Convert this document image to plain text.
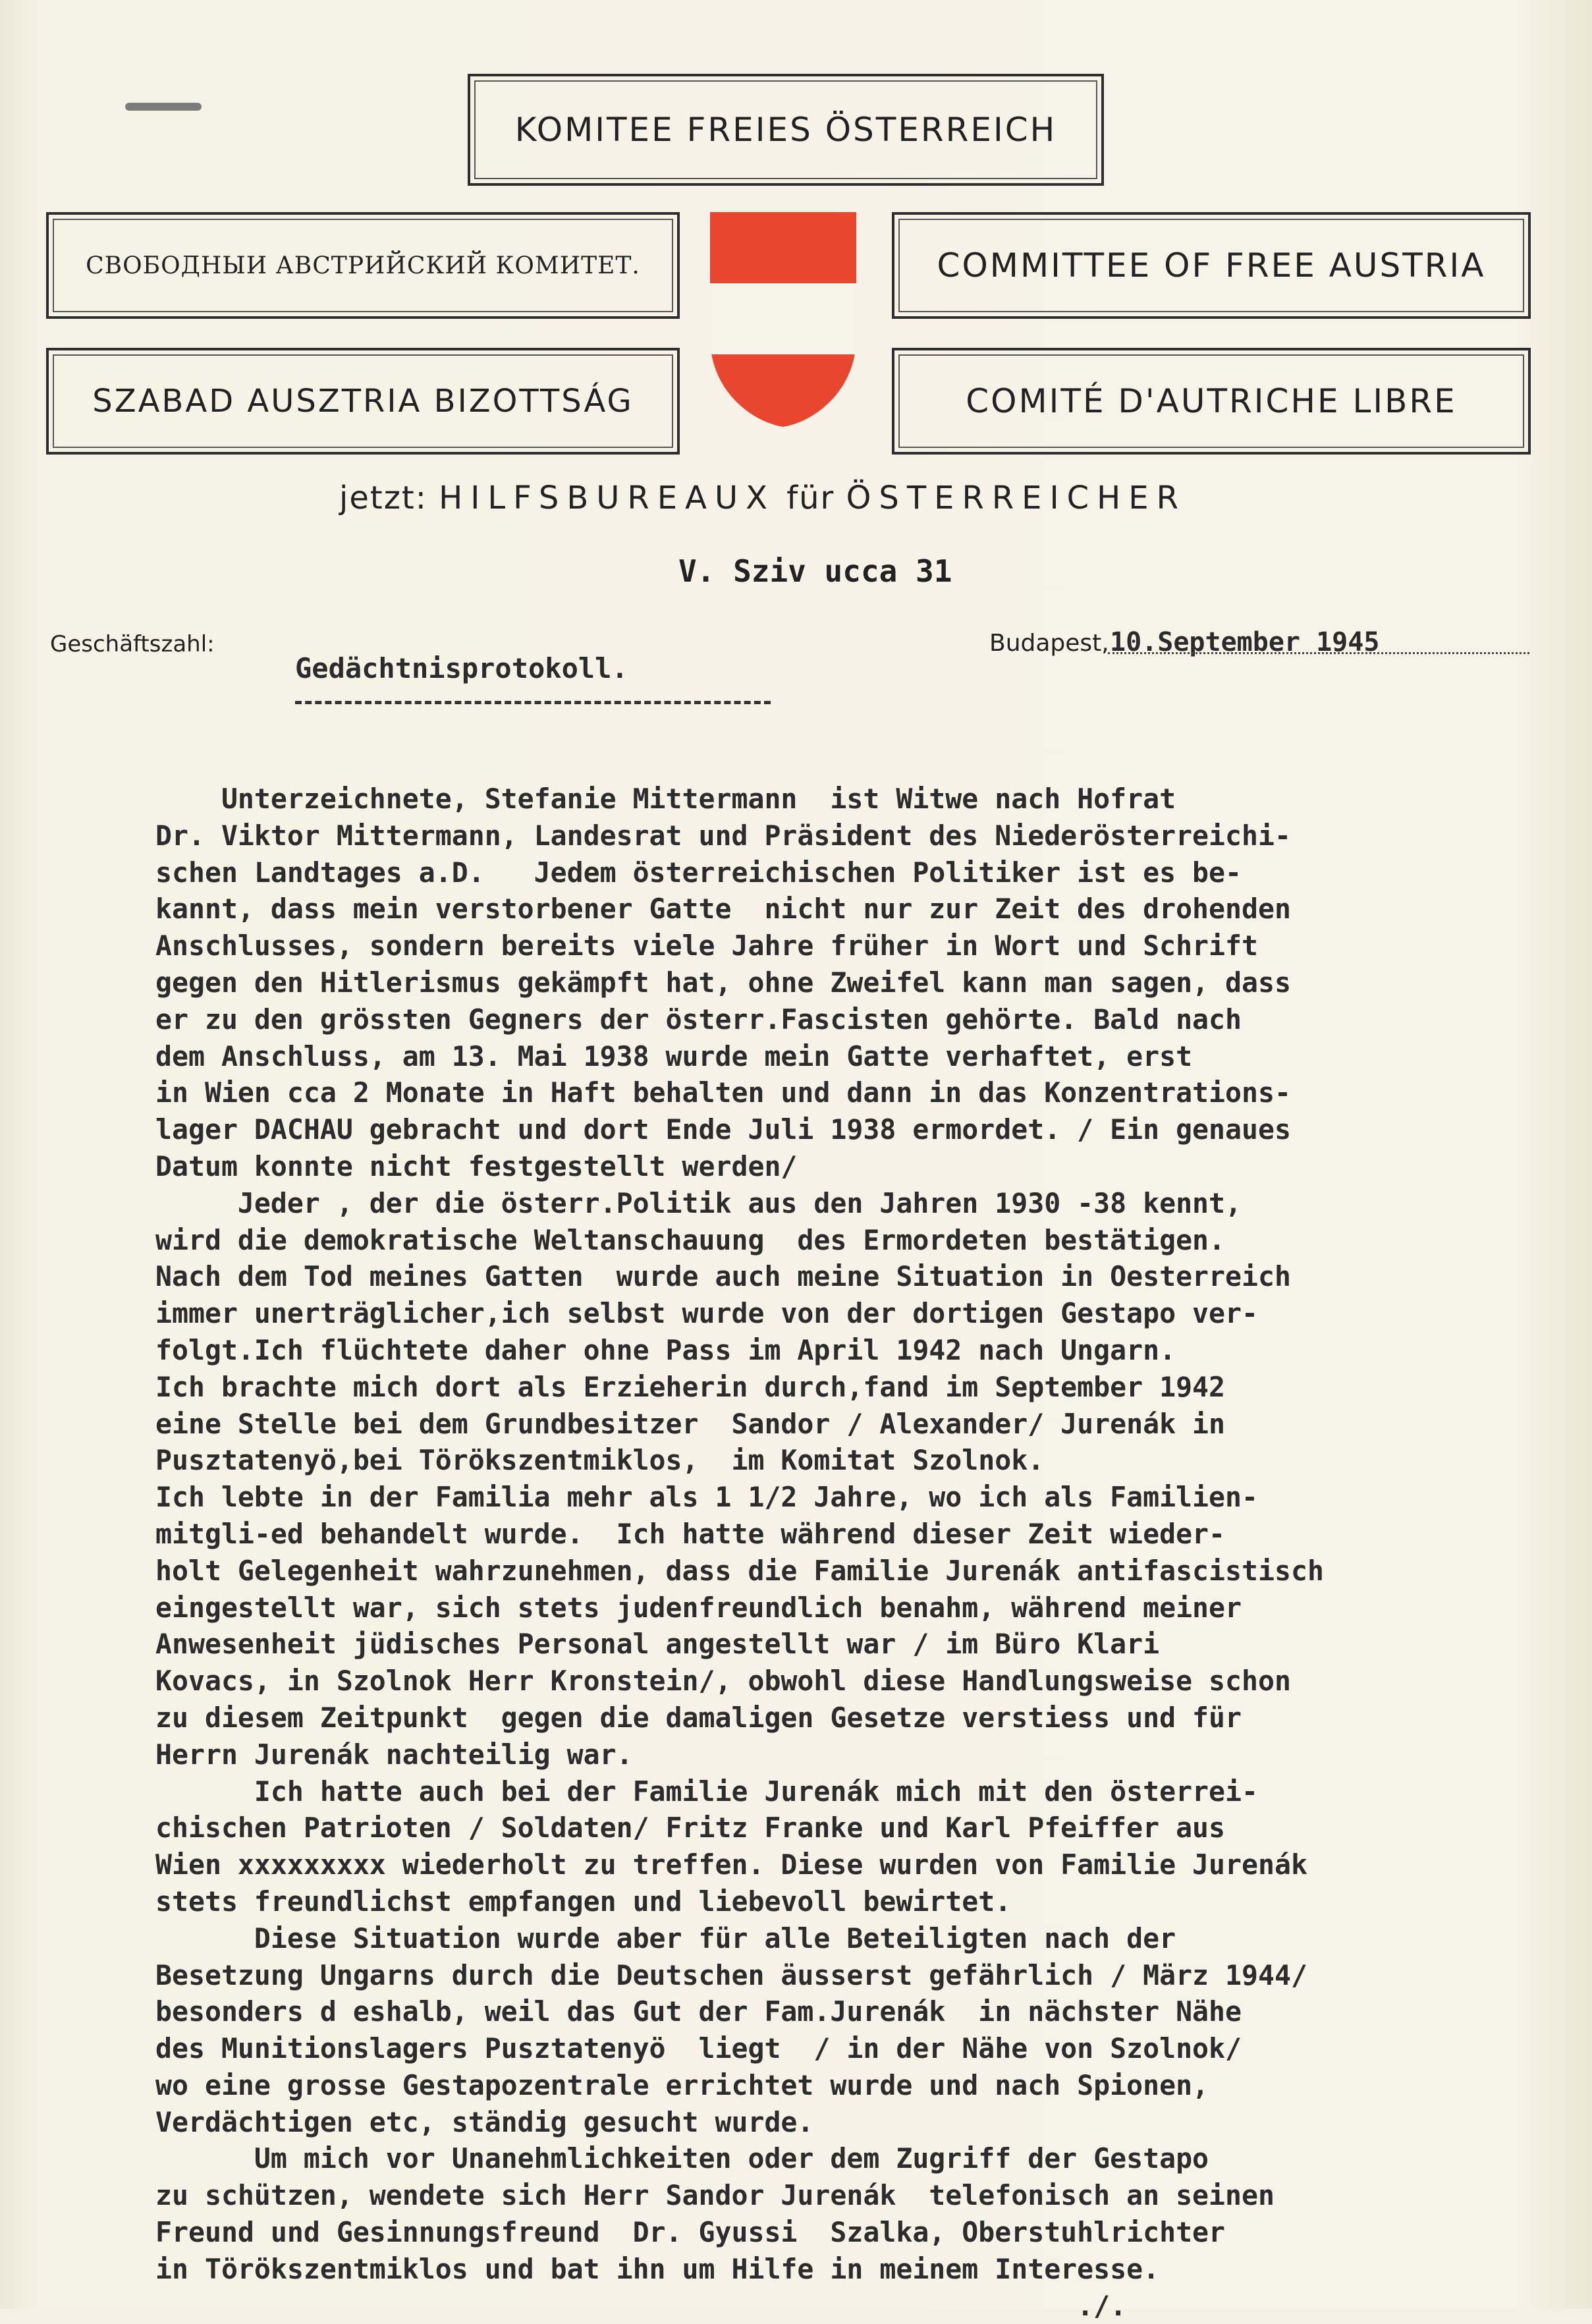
KOMITEE FREIES ÖSTERREICH
СВОБОДНЫИ АВСТРИЙСКИЙ КОМИТЕТ.	COMMITTEE OF FREE AUSTRIA
SZABAD AUSZTRIA BIZOTTSÁG	COMITÉ D'AUTRICHE LIBRE
jetzt: HILFSBUREAUX für ÖSTERREICHER
V. Sziv ucca 31
Geschäftszahl:	Budapest, 10.September 1945
Gedächtnisprotokoll.
Unterzeichnete, Stefanie Mittermann  ist Witwe nach Hofrat
Dr. Viktor Mittermann, Landesrat und Präsident des Niederösterreichi-
schen Landtages a.D.   Jedem österreichischen Politiker ist es be-
kannt, dass mein verstorbener Gatte  nicht nur zur Zeit des drohenden
Anschlusses, sondern bereits viele Jahre früher in Wort und Schrift
gegen den Hitlerismus gekämpft hat, ohne Zweifel kann man sagen, dass
er zu den grössten Gegners der österr.Fascisten gehörte. Bald nach
dem Anschluss, am 13. Mai 1938 wurde mein Gatte verhaftet, erst
in Wien cca 2 Monate in Haft behalten und dann in das Konzentrations-
lager DACHAU gebracht und dort Ende Juli 1938 ermordet. / Ein genaues
Datum konnte nicht festgestellt werden/
Jeder , der die österr.Politik aus den Jahren 1930 -38 kennt,
wird die demokratische Weltanschauung  des Ermordeten bestätigen.
Nach dem Tod meines Gatten  wurde auch meine Situation in Oesterreich
immer unerträglicher,ich selbst wurde von der dortigen Gestapo ver-
folgt.Ich flüchtete daher ohne Pass im April 1942 nach Ungarn.
Ich brachte mich dort als Erzieherin durch,fand im September 1942
eine Stelle bei dem Grundbesitzer  Sandor / Alexander/ Jurenák in
Pusztatenyö,bei Törökszentmiklos,  im Komitat Szolnok.
Ich lebte in der Familia mehr als 1 1/2 Jahre, wo ich als Familien-
mitgli-ed behandelt wurde.  Ich hatte während dieser Zeit wieder-
holt Gelegenheit wahrzunehmen, dass die Familie Jurenák antifascistisch
eingestellt war, sich stets judenfreundlich benahm, während meiner
Anwesenheit jüdisches Personal angestellt war / im Büro Klari
Kovacs, in Szolnok Herr Kronstein/, obwohl diese Handlungsweise schon
zu diesem Zeitpunkt  gegen die damaligen Gesetze verstiess und für
Herrn Jurenák nachteilig war.
Ich hatte auch bei der Familie Jurenák mich mit den österrei-
chischen Patrioten / Soldaten/ Fritz Franke und Karl Pfeiffer aus
Wien xxxxxxxxx wiederholt zu treffen. Diese wurden von Familie Jurenák
stets freundlichst empfangen und liebevoll bewirtet.
Diese Situation wurde aber für alle Beteiligten nach der
Besetzung Ungarns durch die Deutschen äusserst gefährlich / März 1944/
besonders d eshalb, weil das Gut der Fam.Jurenák  in nächster Nähe
des Munitionslagers Pusztatenyö  liegt  / in der Nähe von Szolnok/
wo eine grosse Gestapozentrale errichtet wurde und nach Spionen,
Verdächtigen etc, ständig gesucht wurde.
Um mich vor Unanehmlichkeiten oder dem Zugriff der Gestapo
zu schützen, wendete sich Herr Sandor Jurenák  telefonisch an seinen
Freund und Gesinnungsfreund  Dr. Gyussi  Szalka, Oberstuhlrichter
in Törökszentmiklos und bat ihn um Hilfe in meinem Interesse.
./.
